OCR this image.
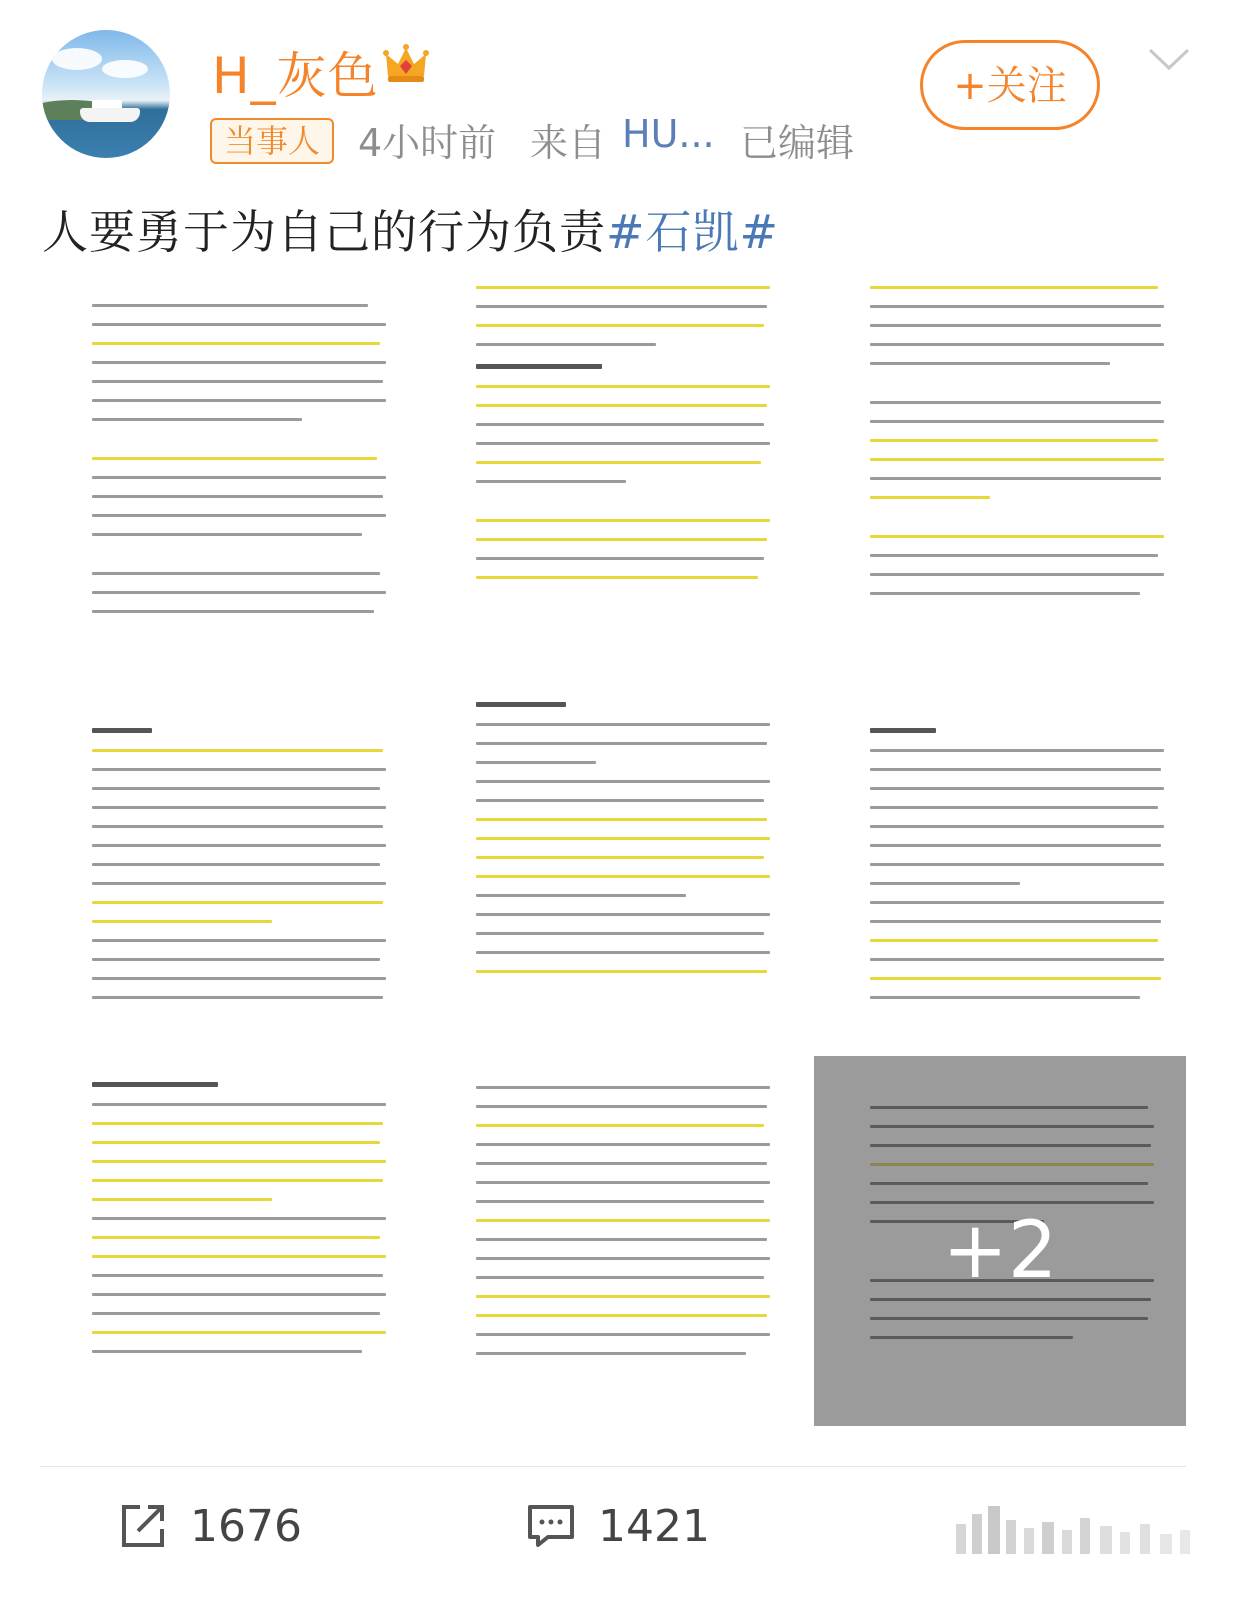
H_灰色
当事人 4小时前 来自 HU... 已编辑
+关注
人要勇于为自己的行为负责#石凯#
+2
1676	1421
